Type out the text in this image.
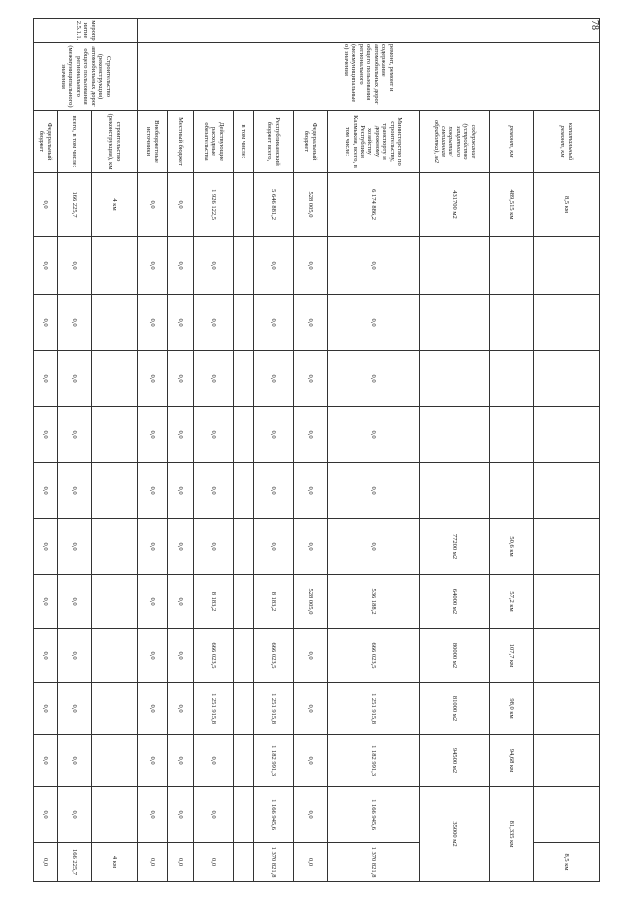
78
	ремонт, ремонт и содержание автомобильных дорог общего пользования регионального (межмуниципальные о) значения	капитальный ремонт, км	8,5 км												8,5 км
		ремонт, км	489,515 км						50,6 км	57,2 км	107,7 км	98,0 км	94,68 км	81,335 км	
		содержание (устройство защитного покрытия/смешанная обработка), м2	431700 м2						77200 м2	64000 м2	80000 м2	81000 м2	94500 м2	35000 м2	
		Министерство по строительству, транспорту и дорожному хозяйству Республики Калмыкия, всего, в том числе:	6 174 886,2	0,0	0,0	0,0	0,0	0,0	0,0	536 188,2	666 023,5	1 251 915,8	1 182 991,3	1 166 945,6	1 370 821,8
		Федеральный бюджет	528 005,0	0,0	0,0	0,0	0,0	0,0	0,0	528 005,0	0,0	0,0	0,0	0,0	0,0
		Республиканский бюджет всего,	5 646 881,2	0,0	0,0	0,0	0,0	0,0	0,0	8 183,2	666 023,5	1 251 915,8	1 182 991,3	1 166 945,6	1 370 821,8
		в том числе:													
		Действующие расходные обязательства	1 926 122,5	0,0	0,0	0,0	0,0	0,0	0,0	8 183,2	666 023,5	1 251 915,8	0,0	0,0	0,0
		Местный бюджет	0,0	0,0	0,0	0,0	0,0	0,0	0,0	0,0	0,0	0,0	0,0	0,0	0,0
		Внебюджетные источники	0,0	0,0	0,0	0,0	0,0	0,0	0,0	0,0	0,0	0,0	0,0	0,0	0,0
мероприятие 2.5.1.1.	Строительство (реконструкция) автомобильных дорог общего пользования регионального (межмуниципального) значения	строительство (реконструкция), км	4 км												4 км
		всего, в том числе:	166 225,7	0,0	0,0	0,0	0,0	0,0	0,0	0,0	0,0	0,0	0,0	0,0	166 225,7
		Федеральный бюджет	0,0	0,0	0,0	0,0	0,0	0,0	0,0	0,0	0,0	0,0	0,0	0,0	0,0
